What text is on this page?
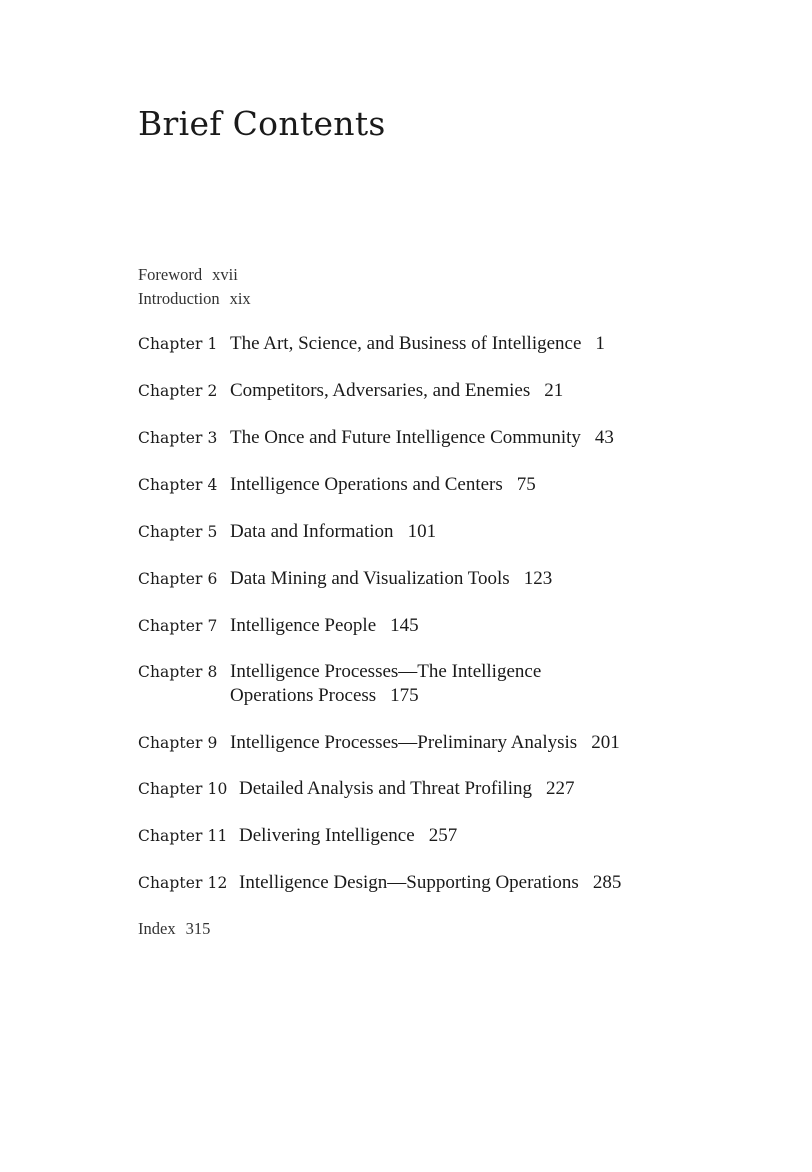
Brief Contents
Foreword xvii
Introduction xix
Chapter 1 The Art, Science, and Business of Intelligence 1
Chapter 2 Competitors, Adversaries, and Enemies 21
Chapter 3 The Once and Future Intelligence Community 43
Chapter 4 Intelligence Operations and Centers 75
Chapter 5 Data and Information 101
Chapter 6 Data Mining and Visualization Tools 123
Chapter 7 Intelligence People 145
Chapter 8 Intelligence Processes—The Intelligence
Operations Process 175
Chapter 9 Intelligence Processes—Preliminary Analysis 201
Chapter 10 Detailed Analysis and Threat Profiling 227
Chapter 11 Delivering Intelligence 257
Chapter 12 Intelligence Design—Supporting Operations 285
Index 315
